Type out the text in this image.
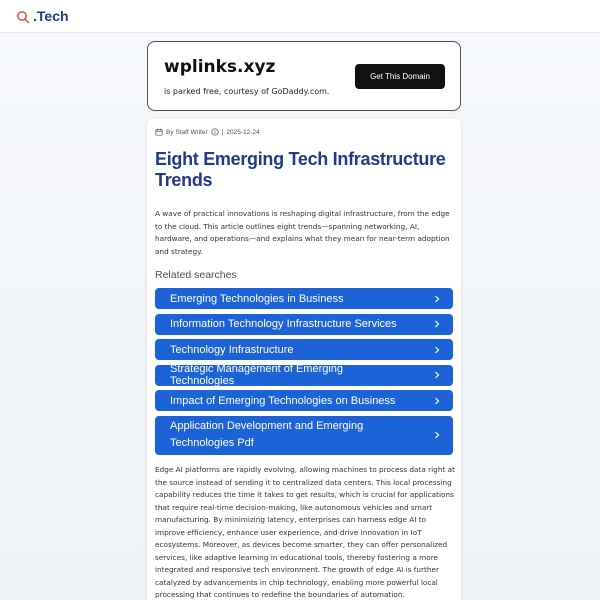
.Tech
wplinks.xyz
is parked free, courtesy of GoDaddy.com.
Get This Domain
By Staff Writer | 2025-12-24
Eight Emerging Tech Infrastructure Trends

A wave of practical innovations is reshaping digital infrastructure, from the edge to the cloud. This article outlines eight trends—spanning networking, AI, hardware, and operations—and explains what they mean for near-term adoption and strategy.

Related searches
Emerging Technologies in Business
Information Technology Infrastructure Services
Technology Infrastructure
Strategic Management of Emerging Technologies
Impact of Emerging Technologies on Business
Application Development and Emerging Technologies Pdf

Edge AI platforms are rapidly evolving, allowing machines to process data right at the source instead of sending it to centralized data centers. This local processing capability reduces the time it takes to get results, which is crucial for applications that require real-time decision-making, like autonomous vehicles and smart manufacturing. By minimizing latency, enterprises can harness edge AI to improve efficiency, enhance user experience, and drive innovation in IoT ecosystems. Moreover, as devices become smarter, they can offer personalized services, like adaptive learning in educational tools, thereby fostering a more integrated and responsive tech environment. The growth of edge AI is further catalyzed by advancements in chip technology, enabling more powerful local processing that continues to redefine the boundaries of automation.
